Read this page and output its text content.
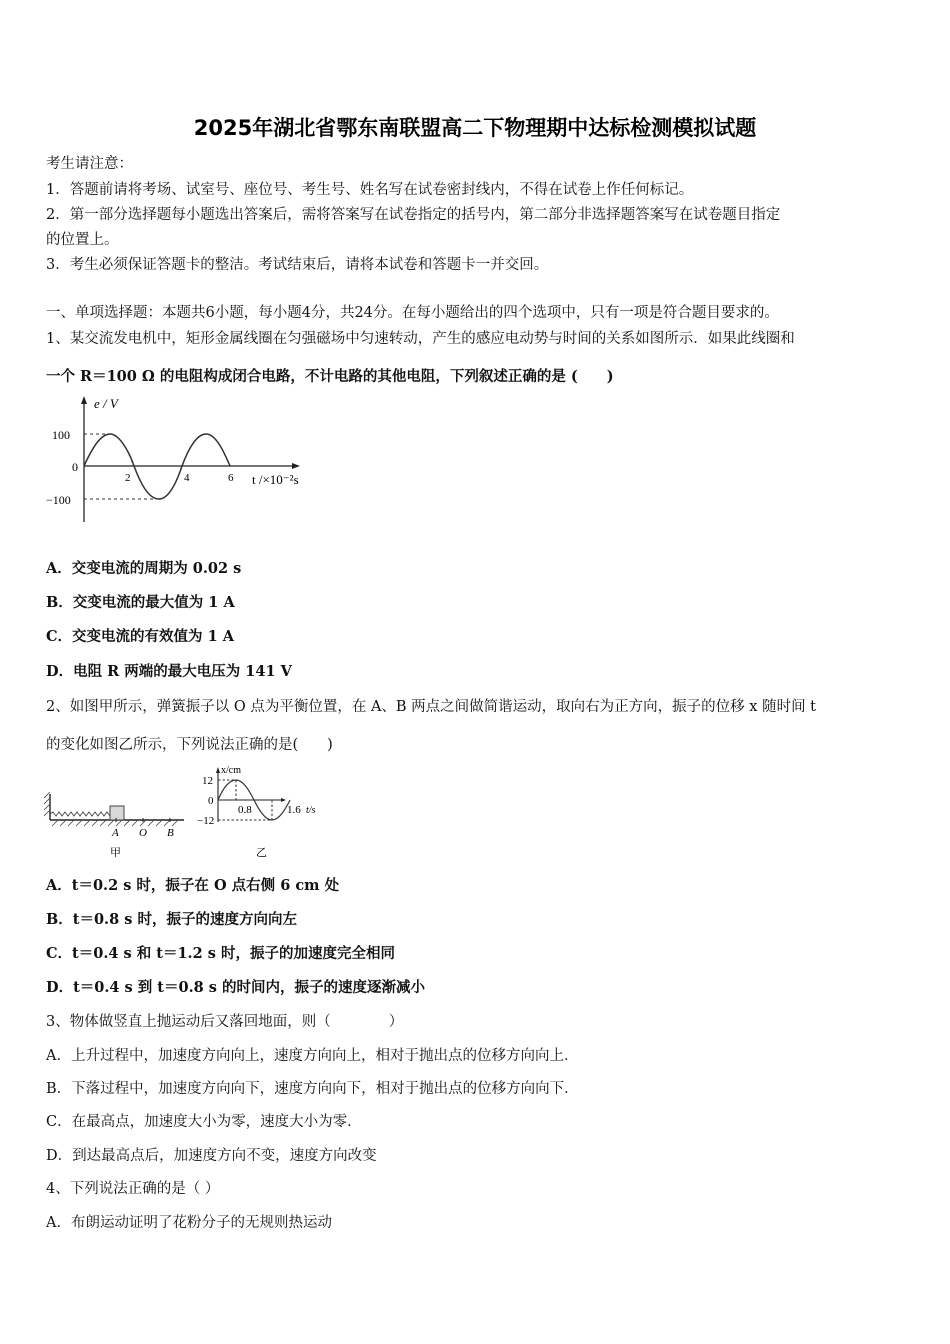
2025年湖北省鄂东南联盟高二下物理期中达标检测模拟试题
考生请注意：
1．答题前请将考场、试室号、座位号、考生号、姓名写在试卷密封线内，不得在试卷上作任何标记。
2．第一部分选择题每小题选出答案后，需将答案写在试卷指定的括号内，第二部分非选择题答案写在试卷题目指定
的位置上。
3．考生必须保证答题卡的整洁。考试结束后，请将本试卷和答题卡一并交回。
一、单项选择题：本题共6小题，每小题4分，共24分。在每小题给出的四个选项中，只有一项是符合题目要求的。
1、某交流发电机中，矩形金属线圈在匀强磁场中匀速转动，产生的感应电动势与时间的关系如图所示．如果此线圈和
一个 R＝100 Ω 的电阻构成闭合电路，不计电路的其他电阻，下列叙述正确的是 (　　)
e / V
100
0
−100
2	4	6 t /×10⁻²s
A．交变电流的周期为 0.02 s
B．交变电流的最大值为 1 A
C．交变电流的有效值为 1 A
D．电阻 R 两端的最大电压为 141 V
2、如图甲所示，弹簧振子以 O 点为平衡位置，在 A、B 两点之间做简谐运动，取向右为正方向，振子的位移 x 随时间 t
的变化如图乙所示，下列说法正确的是(　　)
A O B
甲
x/cm
12
0
−12
0.8	1.6 t/s
乙
A．t＝0.2 s 时，振子在 O 点右侧 6 cm 处
B．t＝0.8 s 时，振子的速度方向向左
C．t＝0.4 s 和 t＝1.2 s 时，振子的加速度完全相同
D．t＝0.4 s 到 t＝0.8 s 的时间内，振子的速度逐渐减小
3、物体做竖直上抛运动后又落回地面，则（　　　　）
A．上升过程中，加速度方向向上，速度方向向上，相对于抛出点的位移方向向上．
B．下落过程中，加速度方向向下，速度方向向下，相对于抛出点的位移方向向下．
C．在最高点，加速度大小为零，速度大小为零．
D．到达最高点后，加速度方向不变，速度方向改变
4、下列说法正确的是（ ）
A．布朗运动证明了花粉分子的无规则热运动
